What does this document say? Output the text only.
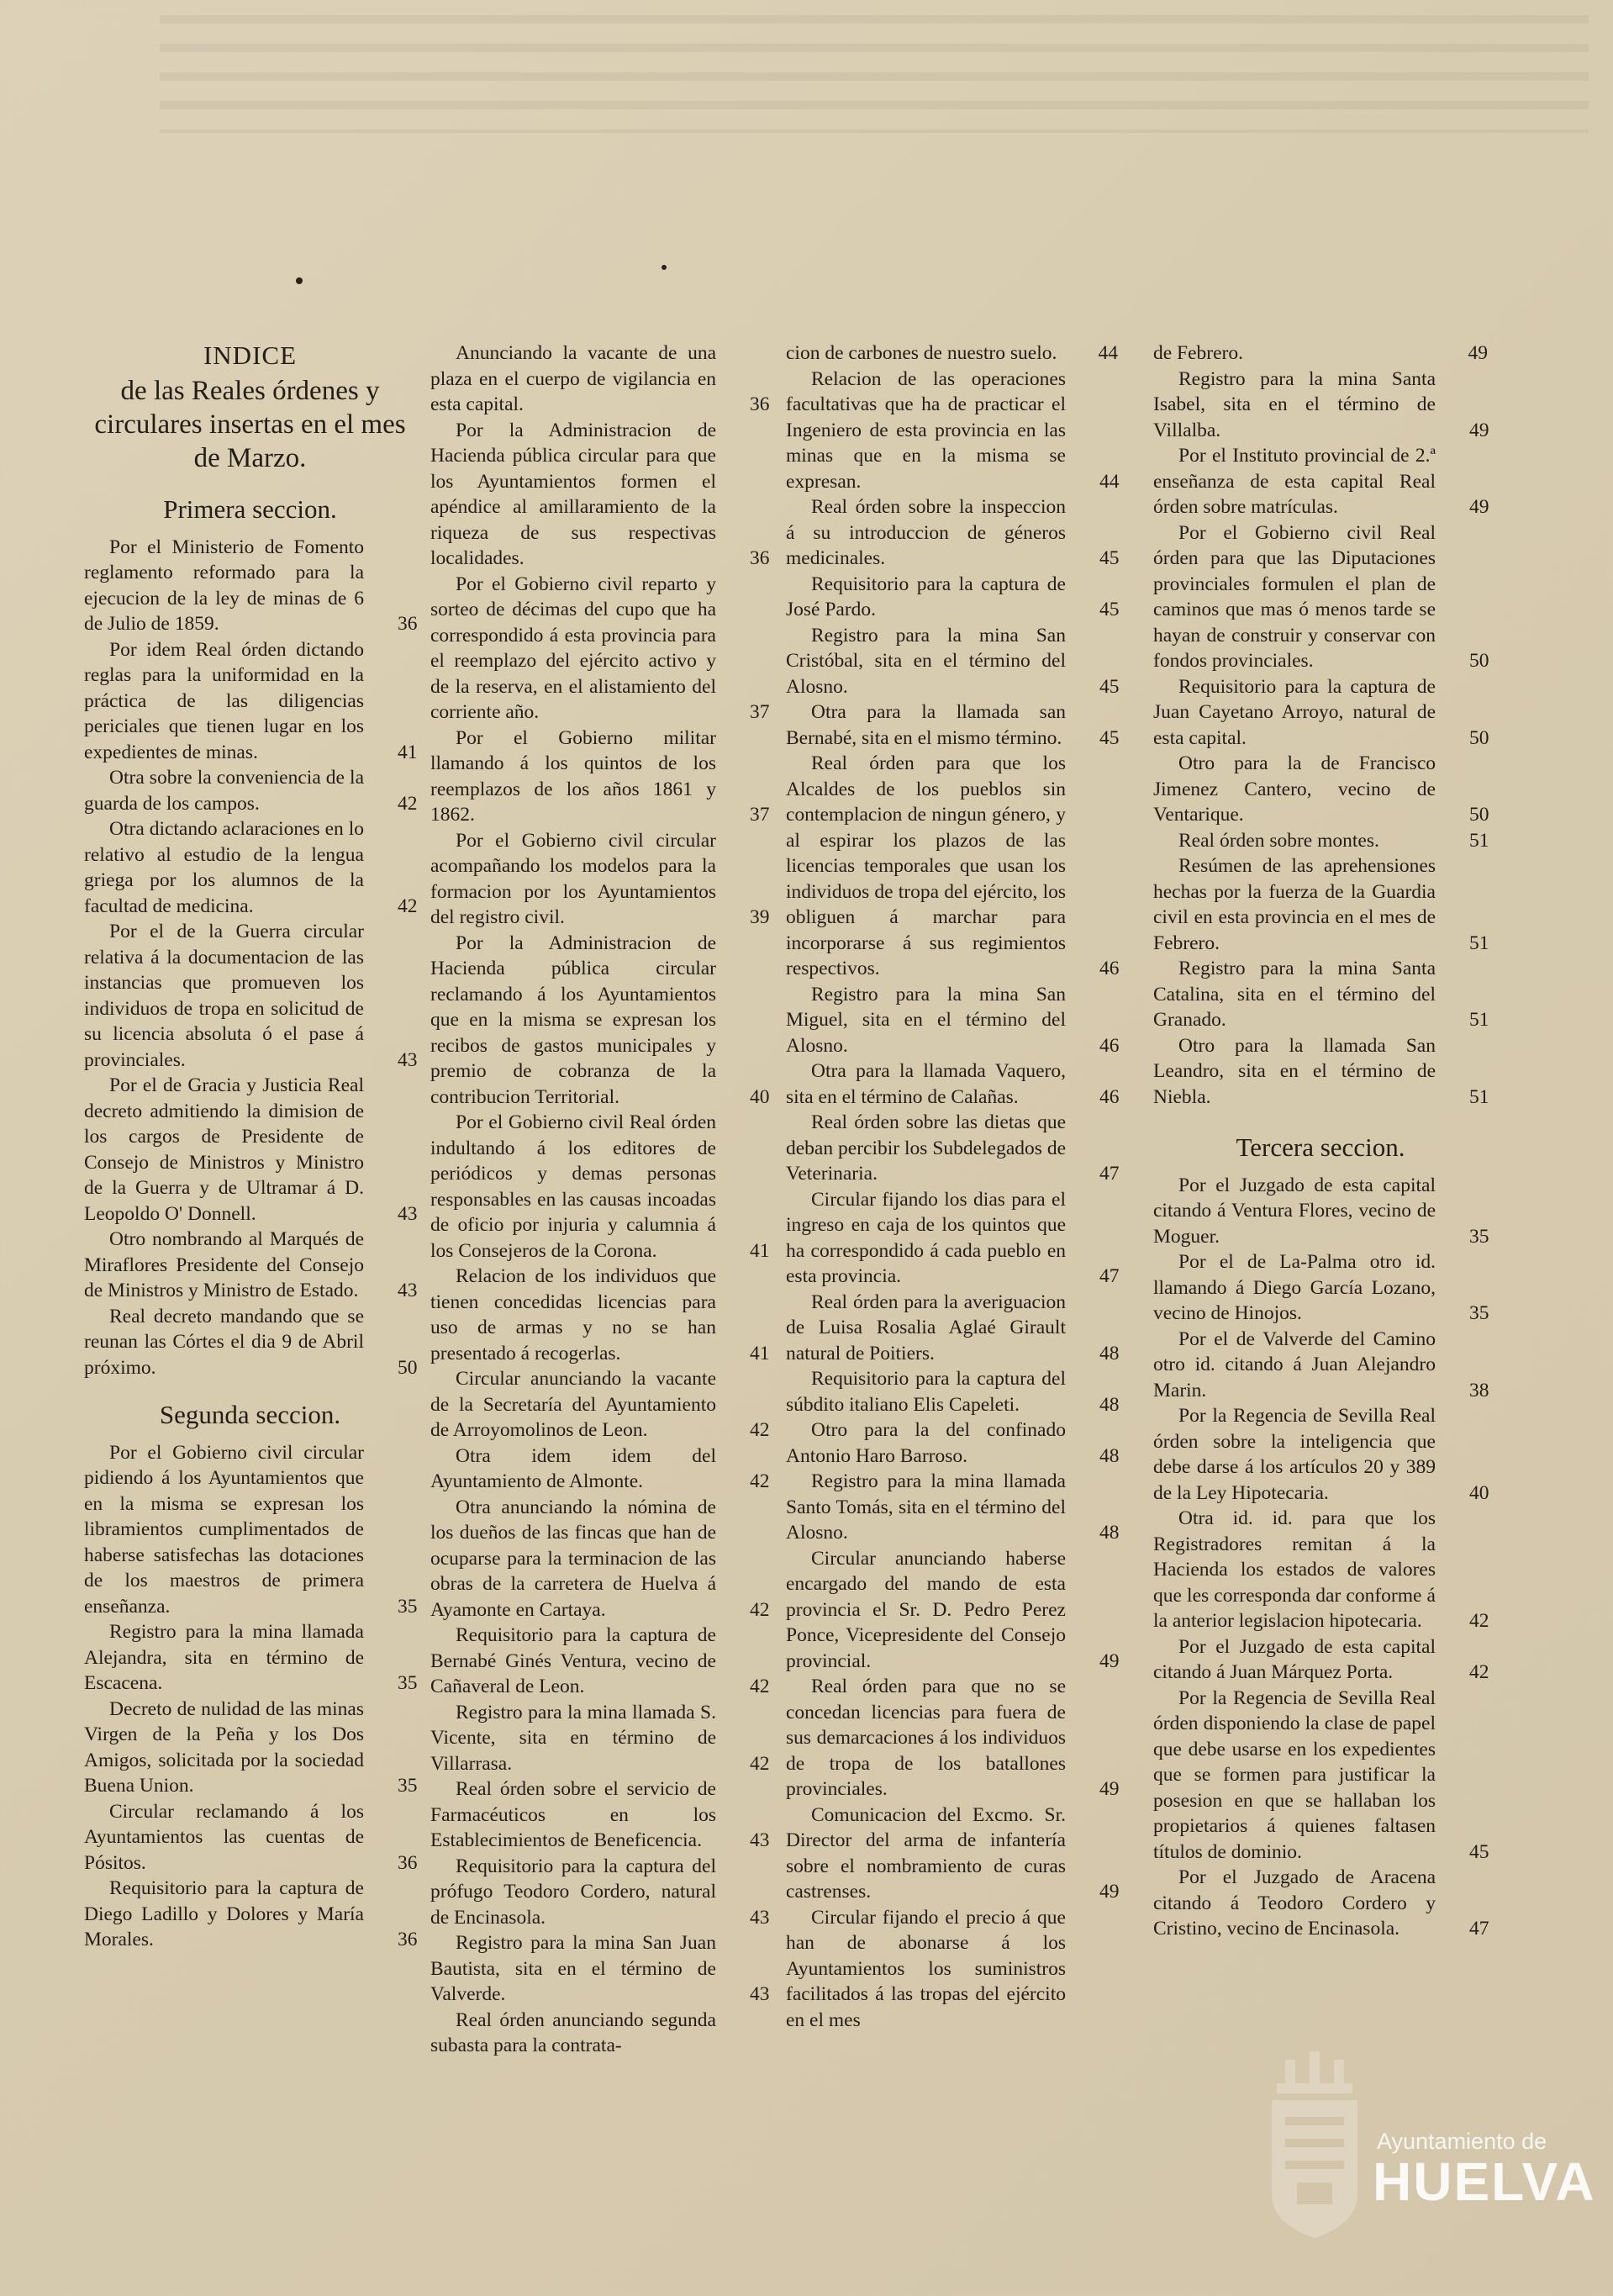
INDICE
de las Reales órdenes y circulares insertas en el mes de Marzo.
Primera seccion.
Por el Ministerio de Fomento reglamento reformado para la ejecucion de la ley de minas de 6 de Julio de 1859.	36
Por idem Real órden dictando reglas para la uniformidad en la práctica de las diligencias periciales que tienen lugar en los expedientes de minas.	41
Otra sobre la conveniencia de la guarda de los campos.	42
Otra dictando aclaraciones en lo relativo al estudio de la lengua griega por los alumnos de la facultad de medicina.	42
Por el de la Guerra circular relativa á la documentacion de las instancias que promueven los individuos de tropa en solicitud de su licencia absoluta ó el pase á provinciales.	43
Por el de Gracia y Justicia Real decreto admitiendo la dimision de los cargos de Presidente de Consejo de Ministros y Ministro de la Guerra y de Ultramar á D. Leopoldo O' Donnell.	43
Otro nombrando al Marqués de Miraflores Presidente del Consejo de Ministros y Ministro de Estado.	43
Real decreto mandando que se reunan las Córtes el dia 9 de Abril próximo.	50
Segunda seccion.
Por el Gobierno civil circular pidiendo á los Ayuntamientos que en la misma se expresan los libramientos cumplimentados de haberse satisfechas las dotaciones de los maestros de primera enseñanza.	35
Registro para la mina llamada Alejandra, sita en término de Escacena.	35
Decreto de nulidad de las minas Virgen de la Peña y los Dos Amigos, solicitada por la sociedad Buena Union.	35
Circular reclamando á los Ayuntamientos las cuentas de Pósitos.	36
Requisitorio para la captura de Diego Ladillo y Dolores y María Morales.	36
Anunciando la vacante de una plaza en el cuerpo de vigilancia en esta capital.	36
Por la Administracion de Hacienda pública circular para que los Ayuntamientos formen el apéndice al amillaramiento de la riqueza de sus respectivas localidades.	36
Por el Gobierno civil reparto y sorteo de décimas del cupo que ha correspondido á esta provincia para el reemplazo del ejército activo y de la reserva, en el alistamiento del corriente año.	37
Por el Gobierno militar llamando á los quintos de los reemplazos de los años 1861 y 1862.	37
Por el Gobierno civil circular acompañando los modelos para la formacion por los Ayuntamientos del registro civil.	39
Por la Administracion de Hacienda pública circular reclamando á los Ayuntamientos que en la misma se expresan los recibos de gastos municipales y premio de cobranza de la contribucion Territorial.	40
Por el Gobierno civil Real órden indultando á los editores de periódicos y demas personas responsables en las causas incoadas de oficio por injuria y calumnia á los Consejeros de la Corona.	41
Relacion de los individuos que tienen concedidas licencias para uso de armas y no se han presentado á recogerlas.	41
Circular anunciando la vacante de la Secretaría del Ayuntamiento de Arroyomolinos de Leon.	42
Otra idem idem del Ayuntamiento de Almonte.	42
Otra anunciando la nómina de los dueños de las fincas que han de ocuparse para la terminacion de las obras de la carretera de Huelva á Ayamonte en Cartaya.	42
Requisitorio para la captura de Bernabé Ginés Ventura, vecino de Cañaveral de Leon.	42
Registro para la mina llamada S. Vicente, sita en término de Villarrasa.	42
Real órden sobre el servicio de Farmacéuticos en los Establecimientos de Beneficencia.	43
Requisitorio para la captura del prófugo Teodoro Cordero, natural de Encinasola.	43
Registro para la mina San Juan Bautista, sita en el término de Valverde.	43
Real órden anunciando segunda subasta para la contrata-
cion de carbones de nuestro suelo.	44
Relacion de las operaciones facultativas que ha de practicar el Ingeniero de esta provincia en las minas que en la misma se expresan.	44
Real órden sobre la inspeccion á su introduccion de géneros medicinales.	45
Requisitorio para la captura de José Pardo.	45
Registro para la mina San Cristóbal, sita en el término del Alosno.	45
Otra para la llamada san Bernabé, sita en el mismo término.	45
Real órden para que los Alcaldes de los pueblos sin contemplacion de ningun género, y al espirar los plazos de las licencias temporales que usan los individuos de tropa del ejército, los obliguen á marchar para incorporarse á sus regimientos respectivos.	46
Registro para la mina San Miguel, sita en el término del Alosno.	46
Otra para la llamada Vaquero, sita en el término de Calañas.	46
Real órden sobre las dietas que deban percibir los Subdelegados de Veterinaria.	47
Circular fijando los dias para el ingreso en caja de los quintos que ha correspondido á cada pueblo en esta provincia.	47
Real órden para la averiguacion de Luisa Rosalia Aglaé Girault natural de Poitiers.	48
Requisitorio para la captura del súbdito italiano Elis Capeleti.	48
Otro para la del confinado Antonio Haro Barroso.	48
Registro para la mina llamada Santo Tomás, sita en el término del Alosno.	48
Circular anunciando haberse encargado del mando de esta provincia el Sr. D. Pedro Perez Ponce, Vicepresidente del Consejo provincial.	49
Real órden para que no se concedan licencias para fuera de sus demarcaciones á los individuos de tropa de los batallones provinciales.	49
Comunicacion del Excmo. Sr. Director del arma de infantería sobre el nombramiento de curas castrenses.	49
Circular fijando el precio á que han de abonarse á los Ayuntamientos los suministros facilitados á las tropas del ejército en el mes
de Febrero.	49
Registro para la mina Santa Isabel, sita en el término de Villalba.	49
Por el Instituto provincial de 2.ª enseñanza de esta capital Real órden sobre matrículas.	49
Por el Gobierno civil Real órden para que las Diputaciones provinciales formulen el plan de caminos que mas ó menos tarde se hayan de construir y conservar con fondos provinciales.	50
Requisitorio para la captura de Juan Cayetano Arroyo, natural de esta capital.	50
Otro para la de Francisco Jimenez Cantero, vecino de Ventarique.	50
Real órden sobre montes.	51
Resúmen de las aprehensiones hechas por la fuerza de la Guardia civil en esta provincia en el mes de Febrero.	51
Registro para la mina Santa Catalina, sita en el término del Granado.	51
Otro para la llamada San Leandro, sita en el término de Niebla.	51
Tercera seccion.
Por el Juzgado de esta capital citando á Ventura Flores, vecino de Moguer.	35
Por el de La-Palma otro id. llamando á Diego García Lozano, vecino de Hinojos.	35
Por el de Valverde del Camino otro id. citando á Juan Alejandro Marin.	38
Por la Regencia de Sevilla Real órden sobre la inteligencia que debe darse á los artículos 20 y 389 de la Ley Hipotecaria.	40
Otra id. id. para que los Registradores remitan á la Hacienda los estados de valores que les corresponda dar conforme á la anterior legislacion hipotecaria.	42
Por el Juzgado de esta capital citando á Juan Márquez Porta.	42
Por la Regencia de Sevilla Real órden disponiendo la clase de papel que debe usarse en los expedientes que se formen para justificar la posesion en que se hallaban los propietarios á quienes faltasen títulos de dominio.	45
Por el Juzgado de Aracena citando á Teodoro Cordero y Cristino, vecino de Encinasola.	47
Ayuntamiento de
HUELVA
